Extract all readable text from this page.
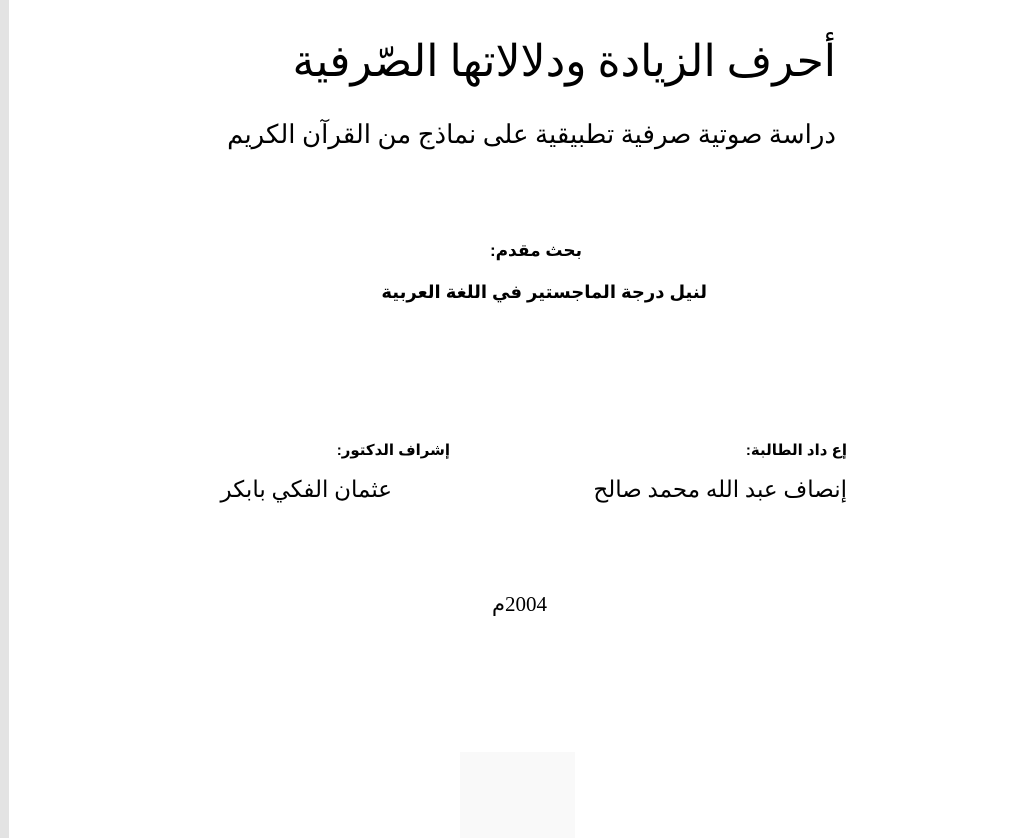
أحرف الزيادة ودلالاتها الصّرفية

دراسة صوتية صرفية تطبيقية على نماذج من القرآن الكريم

بحث مقدم:

لنيل درجة الماجستير في اللغة العربية

إع داد الطالبة:

إنصاف عبد الله محمد صالح

إشراف الدكتور:

عثمان الفكي بابكر

2004م
